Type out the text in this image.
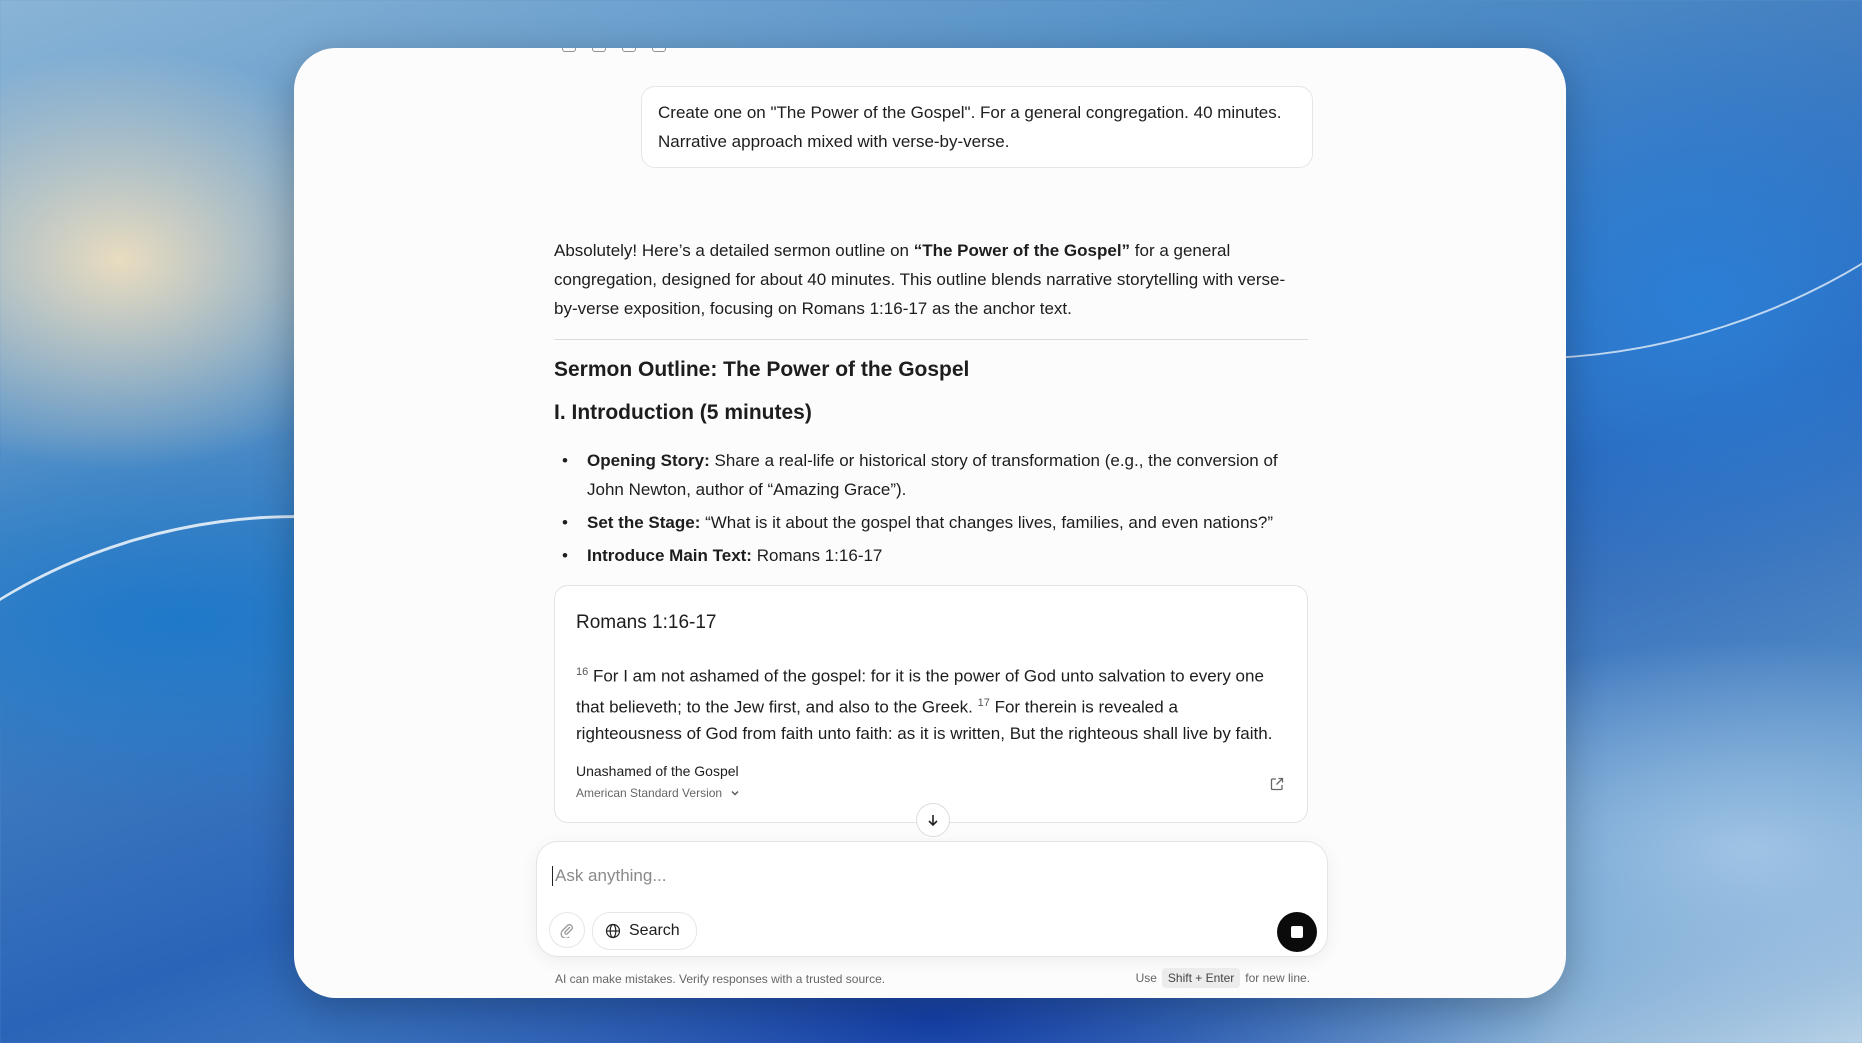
Create one on "The Power of the Gospel". For a general congregation. 40 minutes. Narrative approach mixed with verse-by-verse.
Absolutely! Here’s a detailed sermon outline on “The Power of the Gospel” for a general congregation, designed for about 40 minutes. This outline blends narrative storytelling with verse-by-verse exposition, focusing on Romans 1:16-17 as the anchor text.
Sermon Outline: The Power of the Gospel
I. Introduction (5 minutes)
• Opening Story: Share a real-life or historical story of transformation (e.g., the conversion of John Newton, author of “Amazing Grace”).
• Set the Stage: “What is it about the gospel that changes lives, families, and even nations?”
• Introduce Main Text: Romans 1:16-17
Romans 1:16-17
$^{16}$ For I am not ashamed of the gospel: for it is the power of God unto salvation to every one that believeth; to the Jew first, and also to the Greek. $^{17}$ For therein is revealed a righteousness of God from faith unto faith: as it is written, But the righteous shall live by faith.
Unashamed of the Gospel
American Standard Version
Ask anything...
Search
AI can make mistakes. Verify responses with a trusted source.	Use Shift + Enter for new line.
